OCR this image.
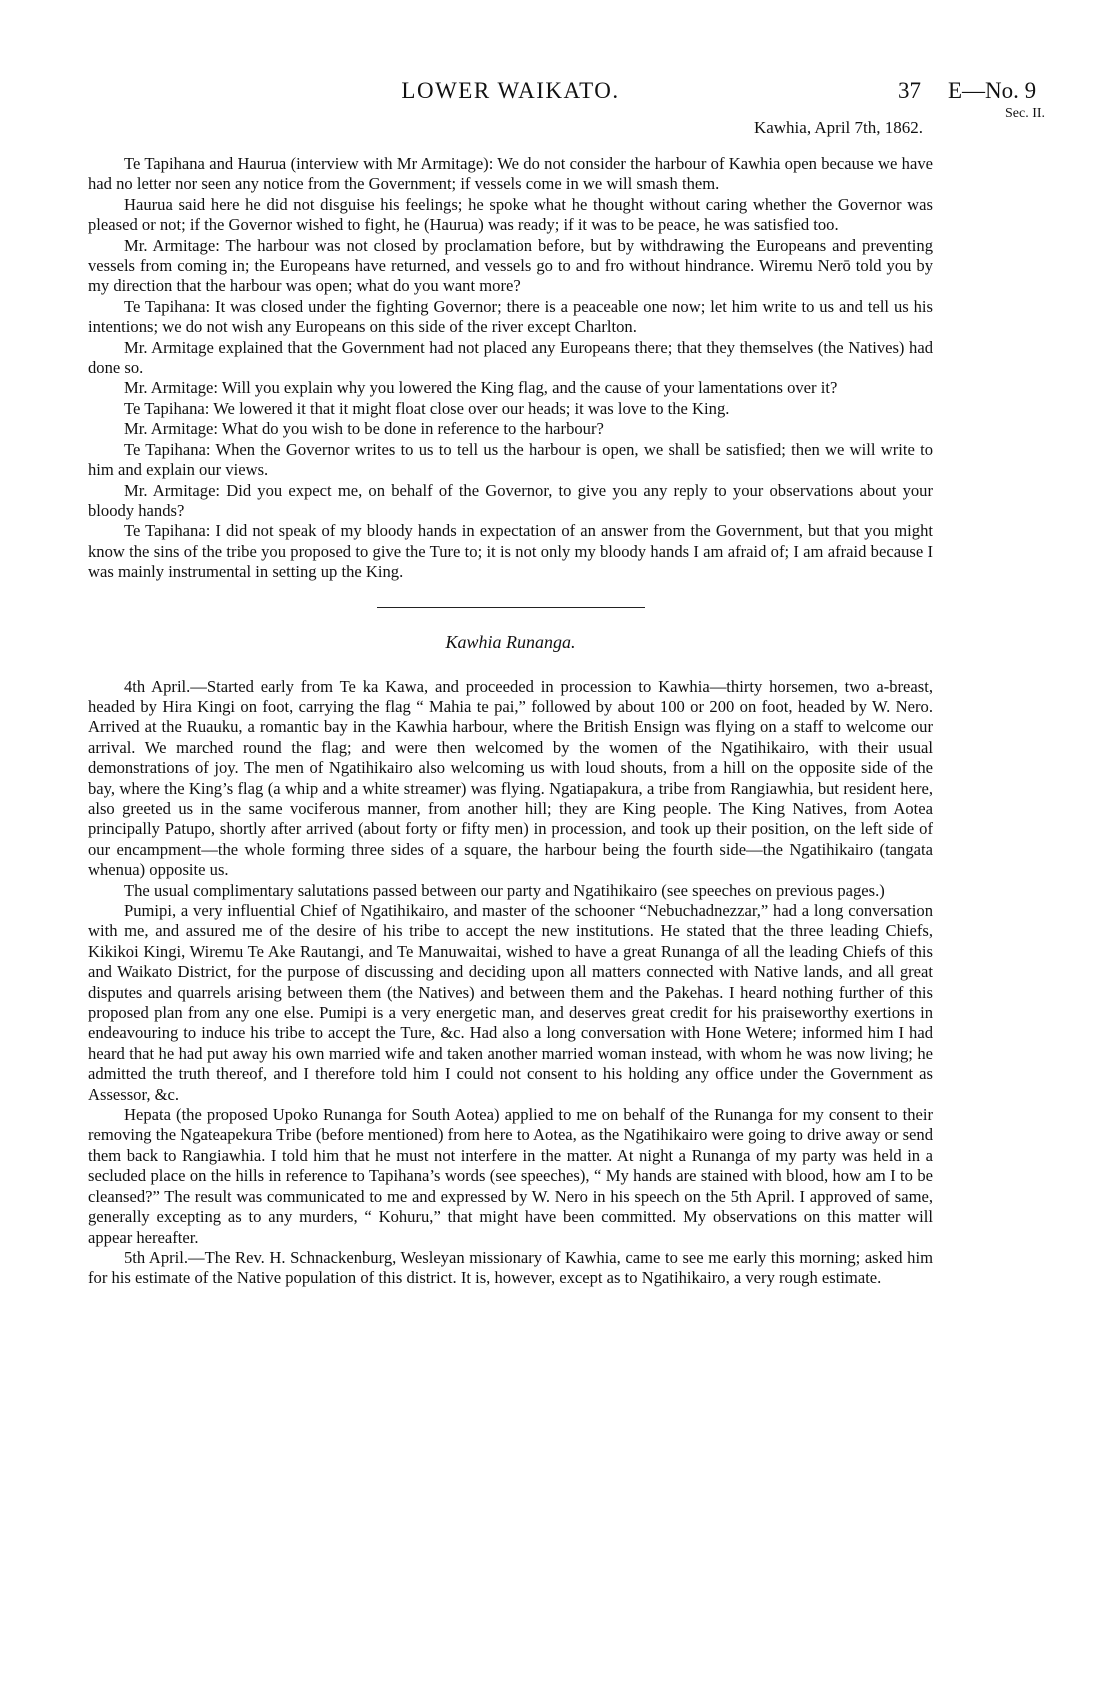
LOWER WAIKATO.	37 E—No. 9
Sec. II.
Kawhia, April 7th, 1862.

Te Tapihana and Haurua (interview with Mr Armitage): We do not consider the harbour of Kawhia open because we have had no letter nor seen any notice from the Government; if vessels come in we will smash them.

Haurua said here he did not disguise his feelings; he spoke what he thought without caring whether the Governor was pleased or not; if the Governor wished to fight, he (Haurua) was ready; if it was to be peace, he was satisfied too.

Mr. Armitage: The harbour was not closed by proclamation before, but by withdrawing the Europeans and preventing vessels from coming in; the Europeans have returned, and vessels go to and fro without hindrance. Wiremu Nerō told you by my direction that the harbour was open; what do you want more?

Te Tapihana: It was closed under the fighting Governor; there is a peaceable one now; let him write to us and tell us his intentions; we do not wish any Europeans on this side of the river except Charlton.

Mr. Armitage explained that the Government had not placed any Europeans there; that they themselves (the Natives) had done so.

Mr. Armitage: Will you explain why you lowered the King flag, and the cause of your lamentations over it?

Te Tapihana: We lowered it that it might float close over our heads; it was love to the King.

Mr. Armitage: What do you wish to be done in reference to the harbour?

Te Tapihana: When the Governor writes to us to tell us the harbour is open, we shall be satisfied; then we will write to him and explain our views.

Mr. Armitage: Did you expect me, on behalf of the Governor, to give you any reply to your observations about your bloody hands?

Te Tapihana: I did not speak of my bloody hands in expectation of an answer from the Government, but that you might know the sins of the tribe you proposed to give the Ture to; it is not only my bloody hands I am afraid of; I am afraid because I was mainly instrumental in setting up the King.

Kawhia Runanga.

4th April.—Started early from Te ka Kawa, and proceeded in procession to Kawhia—thirty horsemen, two a-breast, headed by Hira Kingi on foot, carrying the flag “ Mahia te pai,” followed by about 100 or 200 on foot, headed by W. Nero. Arrived at the Ruauku, a romantic bay in the Kawhia harbour, where the British Ensign was flying on a staff to welcome our arrival. We marched round the flag; and were then welcomed by the women of the Ngatihikairo, with their usual demonstrations of joy. The men of Ngatihikairo also welcoming us with loud shouts, from a hill on the opposite side of the bay, where the King’s flag (a whip and a white streamer) was flying. Ngatiapakura, a tribe from Rangiawhia, but resident here, also greeted us in the same vociferous manner, from another hill; they are King people. The King Natives, from Aotea principally Patupo, shortly after arrived (about forty or fifty men) in procession, and took up their position, on the left side of our encampment—the whole forming three sides of a square, the harbour being the fourth side—the Ngatihikairo (tangata whenua) opposite us.

The usual complimentary salutations passed between our party and Ngatihikairo (see speeches on previous pages.)

Pumipi, a very influential Chief of Ngatihikairo, and master of the schooner “Nebuchadnezzar,” had a long conversation with me, and assured me of the desire of his tribe to accept the new institutions. He stated that the three leading Chiefs, Kikikoi Kingi, Wiremu Te Ake Rautangi, and Te Manuwaitai, wished to have a great Runanga of all the leading Chiefs of this and Waikato District, for the purpose of discussing and deciding upon all matters connected with Native lands, and all great disputes and quarrels arising between them (the Natives) and between them and the Pakehas. I heard nothing further of this proposed plan from any one else. Pumipi is a very energetic man, and deserves great credit for his praiseworthy exertions in endeavouring to induce his tribe to accept the Ture, &c. Had also a long conversation with Hone Wetere; informed him I had heard that he had put away his own married wife and taken another married woman instead, with whom he was now living; he admitted the truth thereof, and I therefore told him I could not consent to his holding any office under the Government as Assessor, &c.

Hepata (the proposed Upoko Runanga for South Aotea) applied to me on behalf of the Runanga for my consent to their removing the Ngateapekura Tribe (before mentioned) from here to Aotea, as the Ngatihikairo were going to drive away or send them back to Rangiawhia. I told him that he must not interfere in the matter. At night a Runanga of my party was held in a secluded place on the hills in reference to Tapihana’s words (see speeches), “ My hands are stained with blood, how am I to be cleansed?” The result was communicated to me and expressed by W. Nero in his speech on the 5th April. I approved of same, generally excepting as to any murders, “ Kohuru,” that might have been committed. My observations on this matter will appear hereafter.

5th April.—The Rev. H. Schnackenburg, Wesleyan missionary of Kawhia, came to see me early this morning; asked him for his estimate of the Native population of this district. It is, however, except as to Ngatihikairo, a very rough estimate.
